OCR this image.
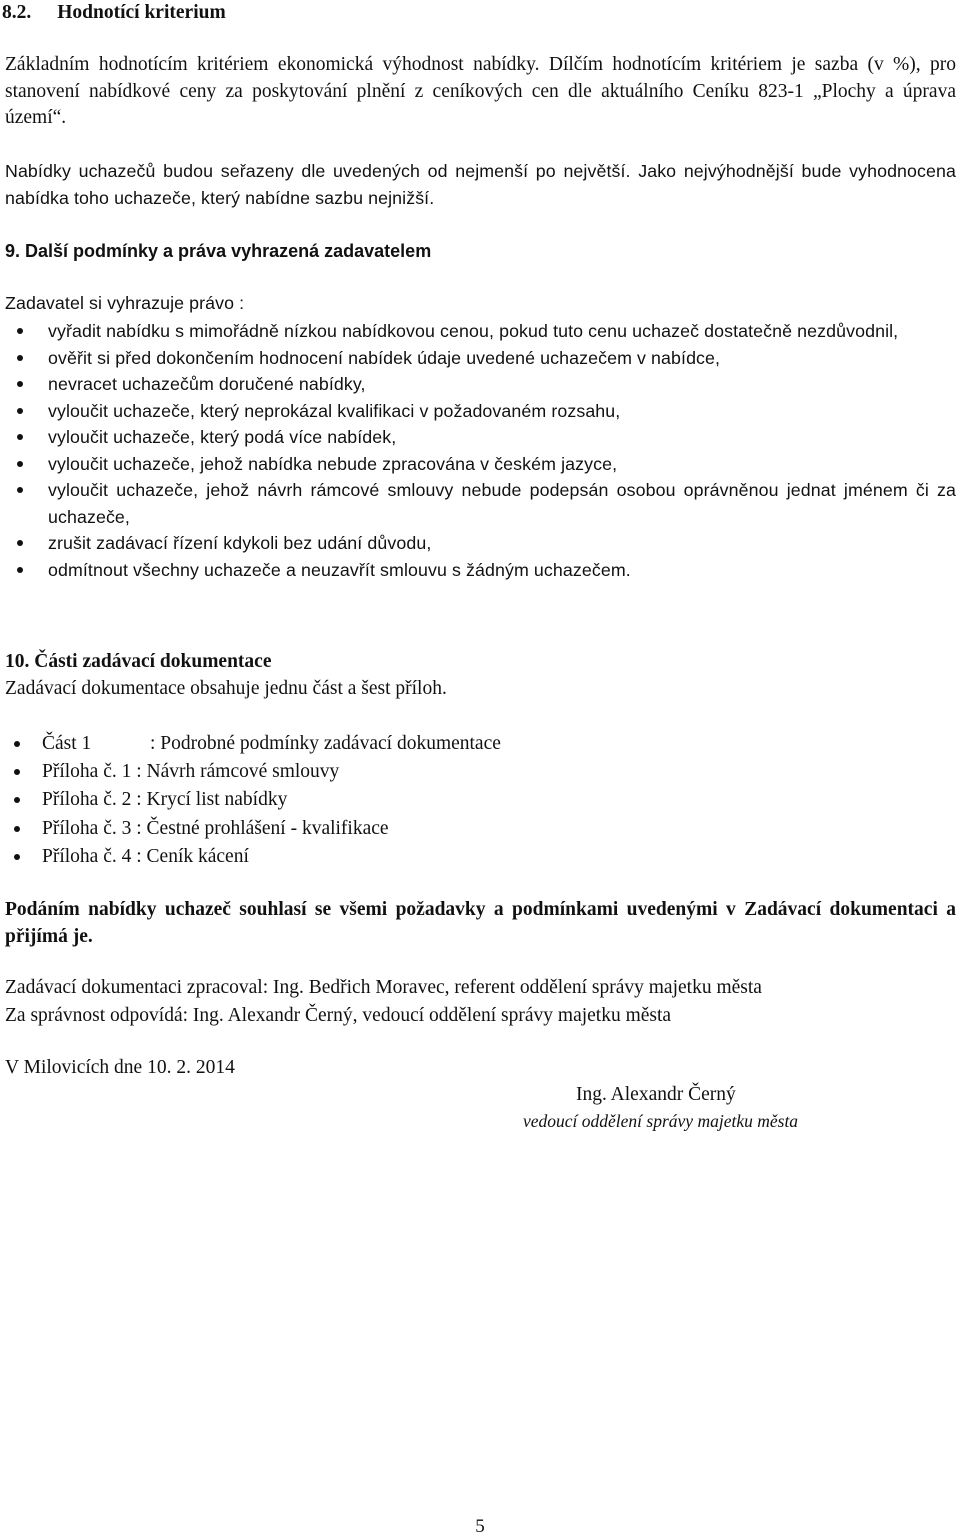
8.2. Hodnotící kriterium
Základním hodnotícím kritériem ekonomická výhodnost nabídky. Dílčím hodnotícím kritériem je sazba (v %), pro stanovení nabídkové ceny za poskytování plnění z ceníkových cen dle aktuálního Ceníku 823-1 „Plochy a úprava území“.
Nabídky uchazečů budou seřazeny dle uvedených od nejmenší po největší. Jako nejvýhodnější bude vyhodnocena nabídka toho uchazeče, který nabídne sazbu nejnižší.
9. Další podmínky a práva vyhrazená zadavatelem
Zadavatel si vyhrazuje právo :
vyřadit nabídku s mimořádně nízkou nabídkovou cenou, pokud tuto cenu uchazeč dostatečně nezdůvodnil,
ověřit si před dokončením hodnocení nabídek údaje uvedené uchazečem v nabídce,
nevracet uchazečům doručené nabídky,
vyloučit uchazeče, který neprokázal kvalifikaci v požadovaném rozsahu,
vyloučit uchazeče, který podá více nabídek,
vyloučit uchazeče, jehož nabídka nebude zpracována v českém jazyce,
vyloučit uchazeče, jehož návrh rámcové smlouvy nebude podepsán osobou oprávněnou jednat jménem či za uchazeče,
zrušit zadávací řízení kdykoli bez udání důvodu,
odmítnout všechny uchazeče a neuzavřít smlouvu s žádným uchazečem.
10. Části zadávací dokumentace
Zadávací dokumentace obsahuje jednu část a šest příloh.
Část 1	: Podrobné podmínky zadávací dokumentace
Příloha č. 1 : Návrh rámcové smlouvy
Příloha č. 2 : Krycí list nabídky
Příloha č. 3 : Čestné prohlášení - kvalifikace
Příloha č. 4 : Ceník kácení
Podáním nabídky uchazeč souhlasí se všemi požadavky a podmínkami uvedenými v Zadávací dokumentaci a přijímá je.
Zadávací dokumentaci zpracoval: Ing. Bedřich Moravec, referent oddělení správy majetku města
Za správnost odpovídá: Ing. Alexandr Černý, vedoucí oddělení správy majetku města
V Milovicích dne 10. 2. 2014
Ing. Alexandr Černý
vedoucí oddělení správy majetku města
5
